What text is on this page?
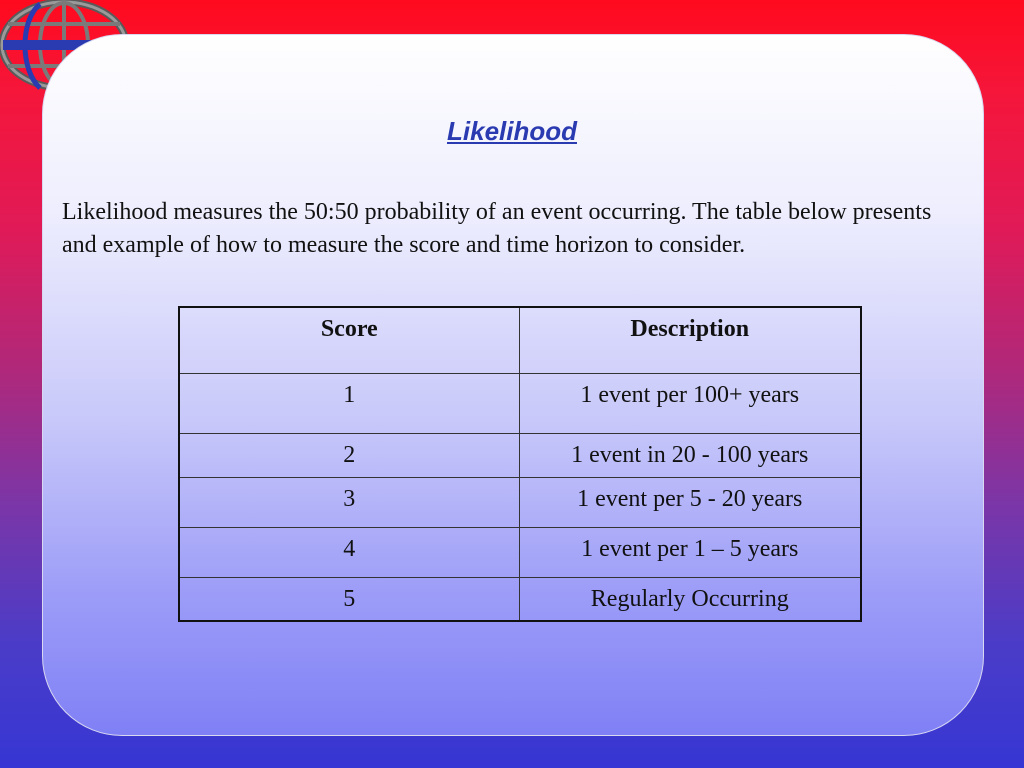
Likelihood
Likelihood measures the 50:50 probability of an event occurring. The table below presents and example of how to measure the score and time horizon to consider.
Score	Description
1	1 event per 100+ years
2	1 event in 20 - 100 years
3	1 event per 5 - 20 years
4	1 event per 1 – 5 years
5	Regularly Occurring
